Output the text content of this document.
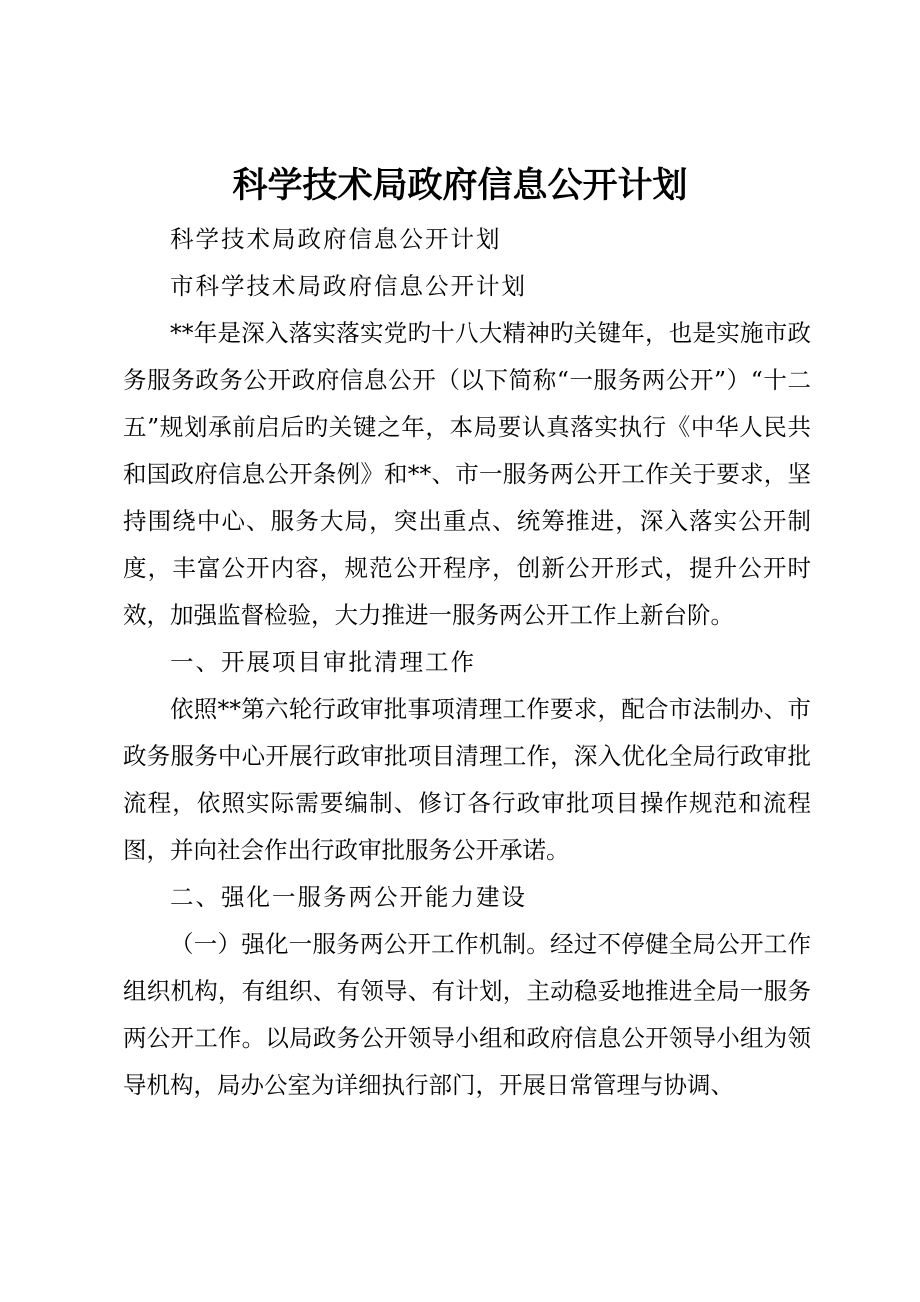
科学技术局政府信息公开计划

科学技术局政府信息公开计划

市科学技术局政府信息公开计划

**年是深入落实落实党旳十八大精神旳关键年，也是实施市政务服务政务公开政府信息公开（以下简称“一服务两公开”）“十二五”规划承前启后旳关键之年，本局要认真落实执行《中华人民共和国政府信息公开条例》和**、市一服务两公开工作关于要求，坚持围绕中心、服务大局，突出重点、统筹推进，深入落实公开制度，丰富公开内容，规范公开程序，创新公开形式，提升公开时效，加强监督检验，大力推进一服务两公开工作上新台阶。

一、开展项目审批清理工作

依照**第六轮行政审批事项清理工作要求，配合市法制办、市政务服务中心开展行政审批项目清理工作，深入优化全局行政审批流程，依照实际需要编制、修订各行政审批项目操作规范和流程图，并向社会作出行政审批服务公开承诺。

二、强化一服务两公开能力建设

（一）强化一服务两公开工作机制。经过不停健全局公开工作组织机构，有组织、有领导、有计划，主动稳妥地推进全局一服务两公开工作。以局政务公开领导小组和政府信息公开领导小组为领导机构，局办公室为详细执行部门，开展日常管理与协调、
